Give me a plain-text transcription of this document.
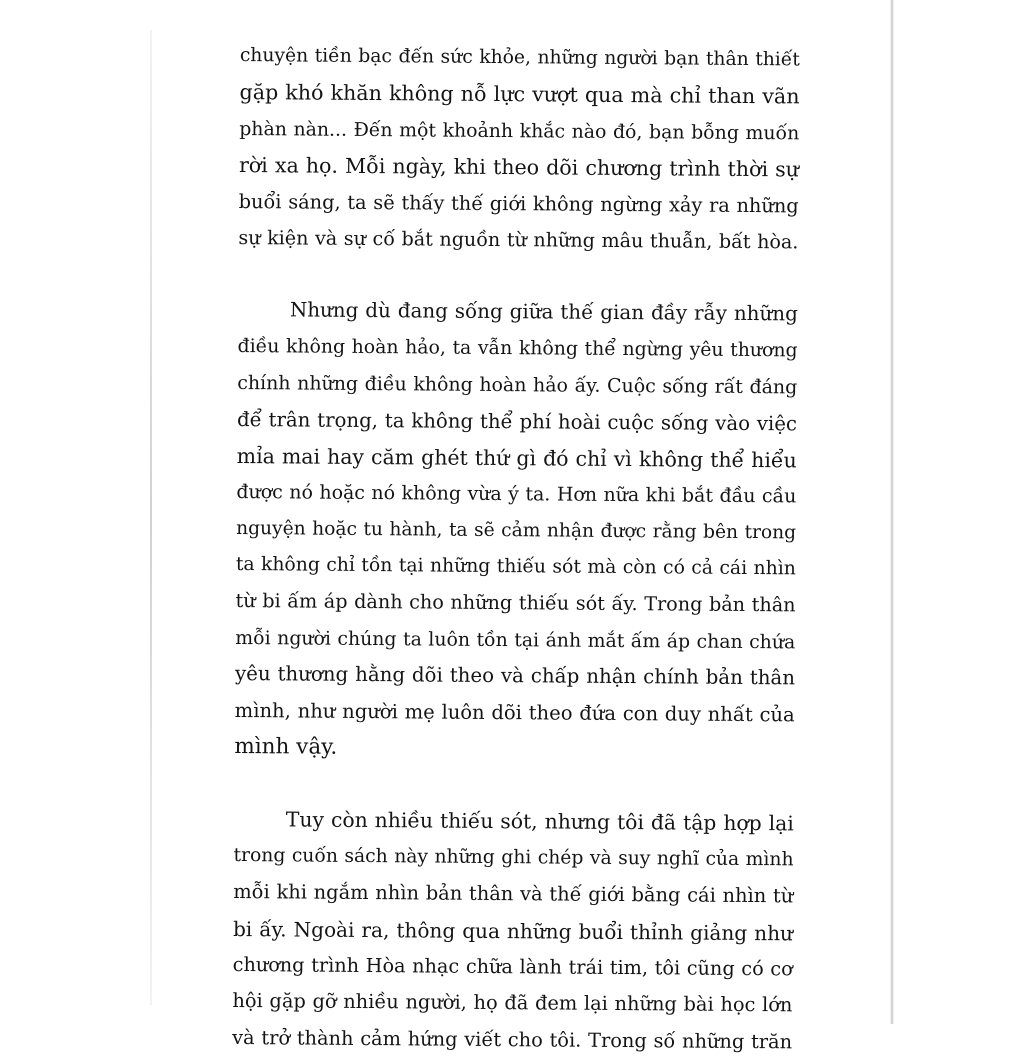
chuyện tiền bạc đến sức khỏe, những người bạn thân thiết
gặp khó khăn không nỗ lực vượt qua mà chỉ than vãn
phàn nàn... Đến một khoảnh khắc nào đó, bạn bỗng muốn
rời xa họ. Mỗi ngày, khi theo dõi chương trình thời sự
buổi sáng, ta sẽ thấy thế giới không ngừng xảy ra những
sự kiện và sự cố bắt nguồn từ những mâu thuẫn, bất hòa.
Nhưng dù đang sống giữa thế gian đầy rẫy những
điều không hoàn hảo, ta vẫn không thể ngừng yêu thương
chính những điều không hoàn hảo ấy. Cuộc sống rất đáng
để trân trọng, ta không thể phí hoài cuộc sống vào việc
mỉa mai hay căm ghét thứ gì đó chỉ vì không thể hiểu
được nó hoặc nó không vừa ý ta. Hơn nữa khi bắt đầu cầu
nguyện hoặc tu hành, ta sẽ cảm nhận được rằng bên trong
ta không chỉ tồn tại những thiếu sót mà còn có cả cái nhìn
từ bi ấm áp dành cho những thiếu sót ấy. Trong bản thân
mỗi người chúng ta luôn tồn tại ánh mắt ấm áp chan chứa
yêu thương hằng dõi theo và chấp nhận chính bản thân
mình, như người mẹ luôn dõi theo đứa con duy nhất của
mình vậy.
Tuy còn nhiều thiếu sót, nhưng tôi đã tập hợp lại
trong cuốn sách này những ghi chép và suy nghĩ của mình
mỗi khi ngắm nhìn bản thân và thế giới bằng cái nhìn từ
bi ấy. Ngoài ra, thông qua những buổi thỉnh giảng như
chương trình Hòa nhạc chữa lành trái tim, tôi cũng có cơ
hội gặp gỡ nhiều người, họ đã đem lại những bài học lớn
và trở thành cảm hứng viết cho tôi. Trong số những trăn
